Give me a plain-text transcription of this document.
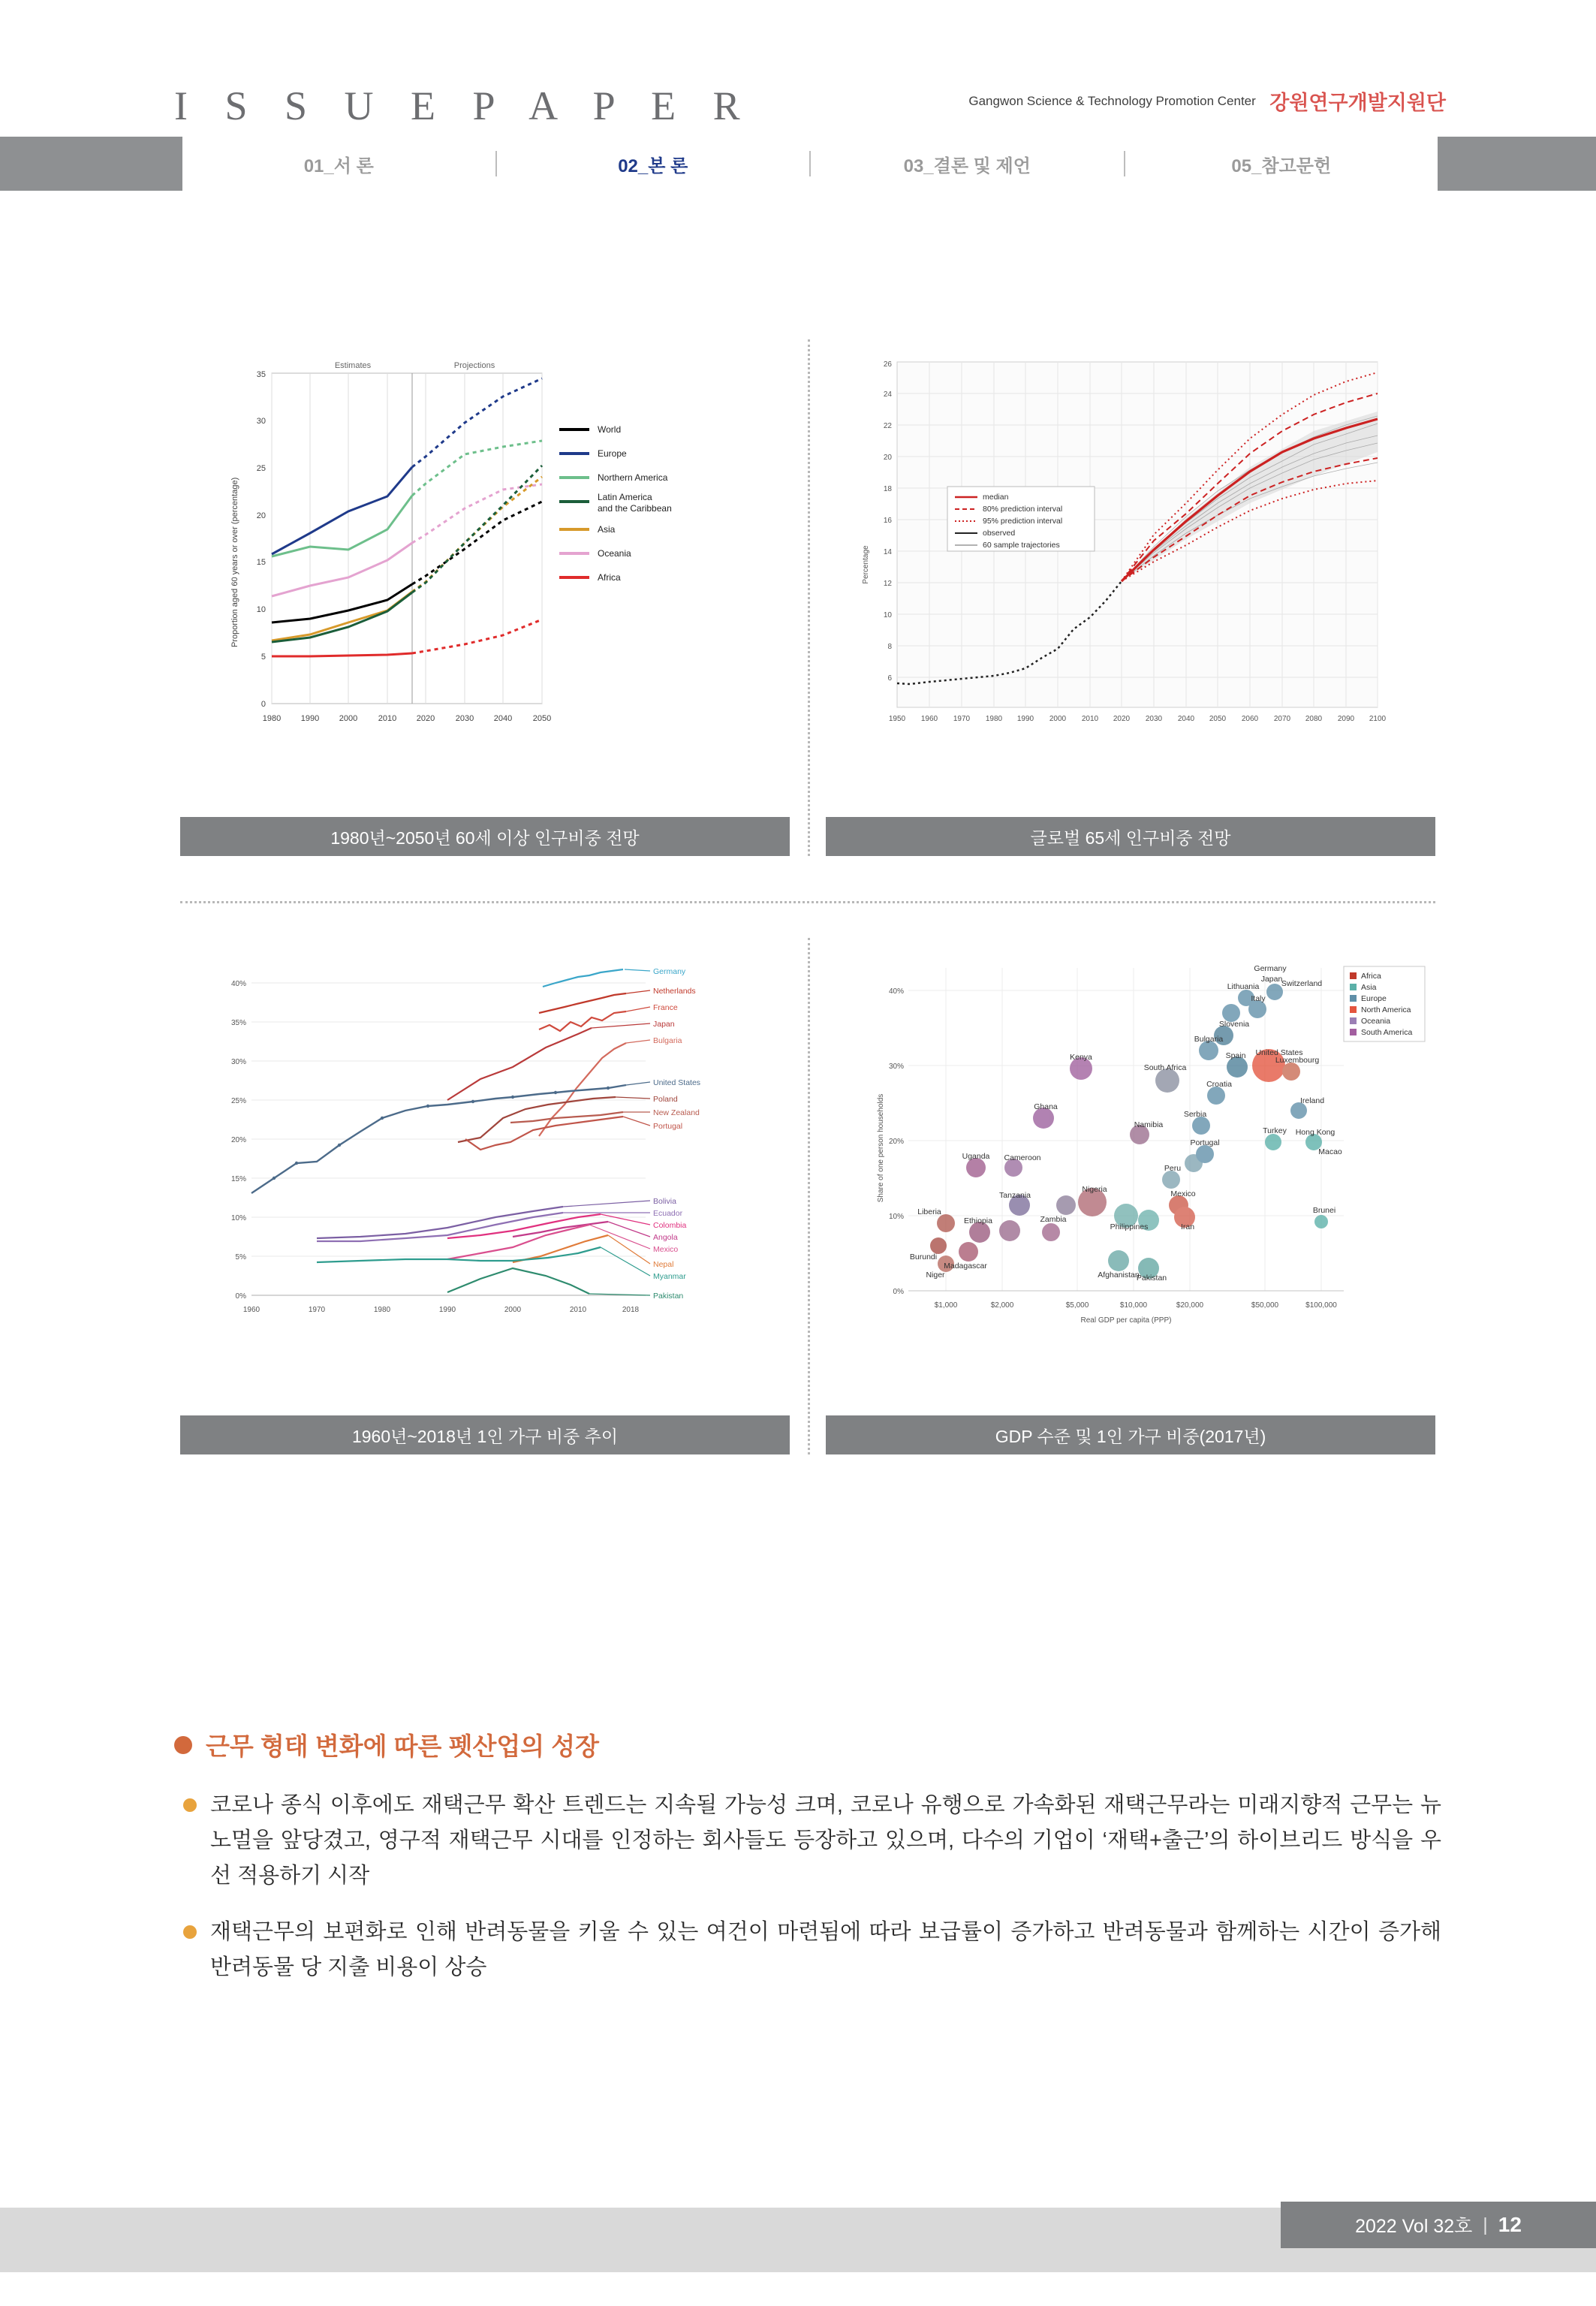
I S S U E P A P E R	Gangwon Science & Technology Promotion Center 강원연구개발지원단
01_서 론	02_본 론	03_결론 및 제언	05_참고문헌
Estimates	Projections
35
30
25
20
15
10
5
0
Proportion aged 60 years or over (percentage)
1980 1990 2000	2010 2020	2030 2040	2050
World
Europe
Northern America
Latin America
and the Caribbean
Asia
Oceania
Africa
1980년~2050년 60세 이상 인구비중 전망
26
24
22
20
18
16
14
12
10
8
6
Percentage
1950 1960 1970 1980 1990 2000 2010 2020 2030 2040 2050 2060 2070 2080 2090 2100
median
80% prediction interval
95% prediction interval
observed
60 sample trajectories
글로벌 65세 인구비중 전망
40%
35%
30%
25%
20%
15%
10%
5%
0%
1960	1970	1980	1990	2000	2010	2018
Germany
Netherlands
France
Japan
Bulgaria
United States
Poland
New Zealand
Portugal
Bolivia
Ecuador
Colombia
Angola
Mexico
Nepal
Myanmar
Pakistan
1960년~2018년 1인 가구 비중 추이
40%
30%
20%
10%
0%
Share of one person households
$1,000	$2,000	$5,000	$10,000	$20,000	$50,000	$100,000
Real GDP per capita (PPP)
Liberia
Burundi
Niger
Madagascar
Ethiopia
Uganda
Tanzania
Cameroon
Ghana
Zambia
Kenya
Nigeria
Afghanistan
Philippines
Pakistan
Namibia
South Africa
Mexico
Iran
Peru
Serbia
Portugal
Bulgaria
Croatia
Slovenia
Spain
Lithuania
Italy
Japan
Germany
Switzerland
Luxembourg
United States
Ireland
Turkey Hong Kong
Macao
Brunei
Africa
Asia
Europe
North America
Oceania
South America
GDP 수준 및 1인 가구 비중(2017년)
근무 형태 변화에 따른 펫산업의 성장
코로나 종식 이후에도 재택근무 확산 트렌드는 지속될 가능성 크며, 코로나 유행으로 가속화된 재택근무라는 미래지향적 근무는 뉴노멀을 앞당겼고, 영구적 재택근무 시대를 인정하는 회사들도 등장하고 있으며, 다수의 기업이 ‘재택+출근’의 하이브리드 방식을 우선 적용하기 시작
재택근무의 보편화로 인해 반려동물을 키울 수 있는 여건이 마련됨에 따라 보급률이 증가하고 반려동물과 함께하는 시간이 증가해 반려동물 당 지출 비용이 상승
2022 Vol 32호 | 12
